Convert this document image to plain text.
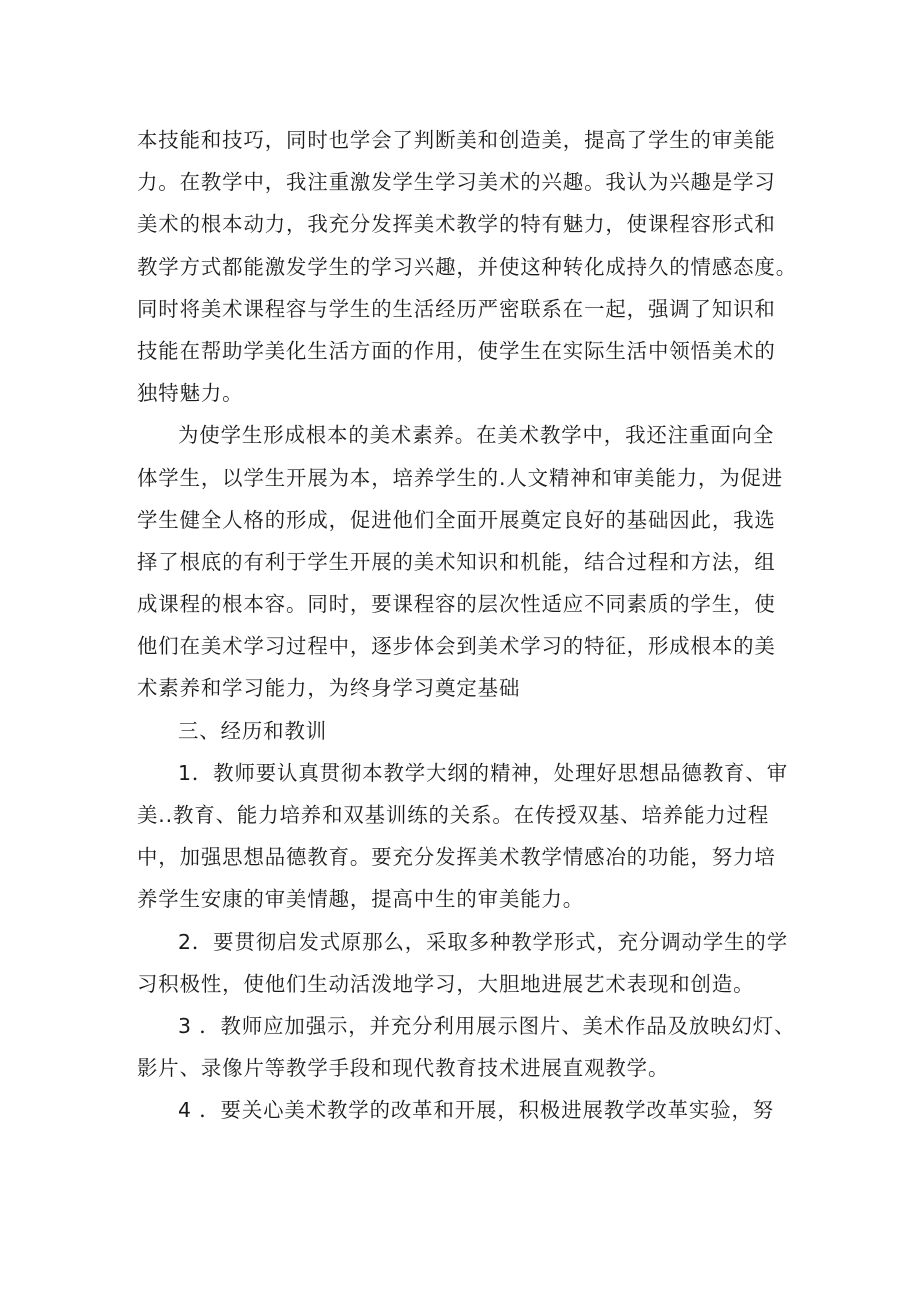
本技能和技巧，同时也学会了判断美和创造美，提高了学生的审美能
力。在教学中，我注重激发学生学习美术的兴趣。我认为兴趣是学习
美术的根本动力，我充分发挥美术教学的特有魅力，使课程容形式和
教学方式都能激发学生的学习兴趣，并使这种转化成持久的情感态度。
同时将美术课程容与学生的生活经历严密联系在一起，强调了知识和
技能在帮助学美化生活方面的作用，使学生在实际生活中领悟美术的
独特魅力。
为使学生形成根本的美术素养。在美术教学中，我还注重面向全
体学生，以学生开展为本，培养学生的.人文精神和审美能力，为促进
学生健全人格的形成，促进他们全面开展奠定良好的基础因此，我选
择了根底的有利于学生开展的美术知识和机能，结合过程和方法，组
成课程的根本容。同时，要课程容的层次性适应不同素质的学生，使
他们在美术学习过程中，逐步体会到美术学习的特征，形成根本的美
术素养和学习能力，为终身学习奠定基础
三、经历和教训
1．教师要认真贯彻本教学大纲的精神，处理好思想品德教育、审
美..教育、能力培养和双基训练的关系。在传授双基、培养能力过程
中，加强思想品德教育。要充分发挥美术教学情感冶的功能，努力培
养学生安康的审美情趣，提高中生的审美能力。
2．要贯彻启发式原那么，采取多种教学形式，充分调动学生的学
习积极性，使他们生动活泼地学习，大胆地进展艺术表现和创造。
3 ．教师应加强示，并充分利用展示图片、美术作品及放映幻灯、
影片、录像片等教学手段和现代教育技术进展直观教学。
4 ．要关心美术教学的改革和开展，积极进展教学改革实验，努
